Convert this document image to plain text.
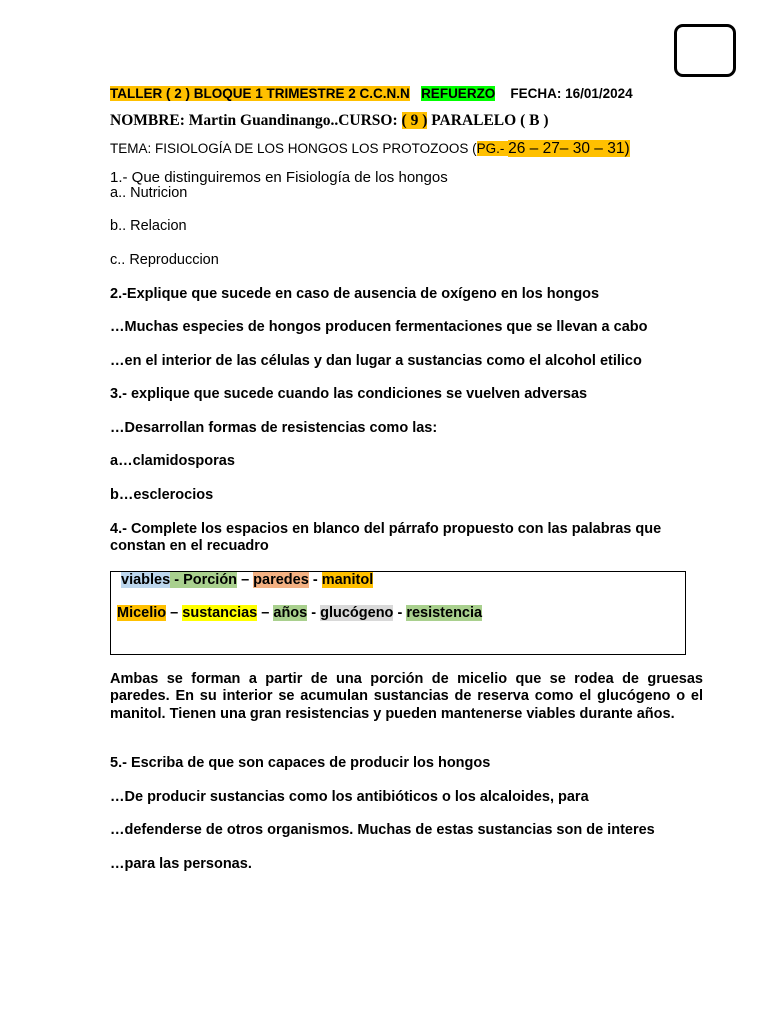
TALLER ( 2 ) BLOQUE 1 TRIMESTRE 2 C.C.N.N REFUERZO FECHA: 16/01/2024
NOMBRE: Martin Guandinango..CURSO: ( 9 ) PARALELO ( B )
TEMA: FISIOLOGÍA DE LOS HONGOS LOS PROTOZOOS (PG.- 26 – 27– 30 – 31)
1.- Que distinguiremos en Fisiología de los hongos
a.. Nutricion
b.. Relacion
c.. Reproduccion
2.-Explique que sucede en caso de ausencia de oxígeno en los hongos
…Muchas especies de hongos producen fermentaciones que se llevan a cabo
…en el interior de las células y dan lugar a sustancias como el alcohol etilico
3.- explique que sucede cuando las condiciones se vuelven adversas
…Desarrollan formas de resistencias como las:
a…clamidosporas
b…esclerocios
4.- Complete los espacios en blanco del párrafo propuesto con las palabras que
constan en el recuadro
viables - Porción – paredes - manitol
Micelio – sustancias – años - glucógeno - resistencia
Ambas se forman a partir de una porción de micelio que se rodea de gruesas paredes. En su interior se acumulan sustancias de reserva como el glucógeno o el manitol. Tienen una gran resistencias y pueden mantenerse viables durante años.
5.- Escriba de que son capaces de producir los hongos
…De producir sustancias como los antibióticos o los alcaloides, para
…defenderse de otros organismos. Muchas de estas sustancias son de interes
…para las personas.
